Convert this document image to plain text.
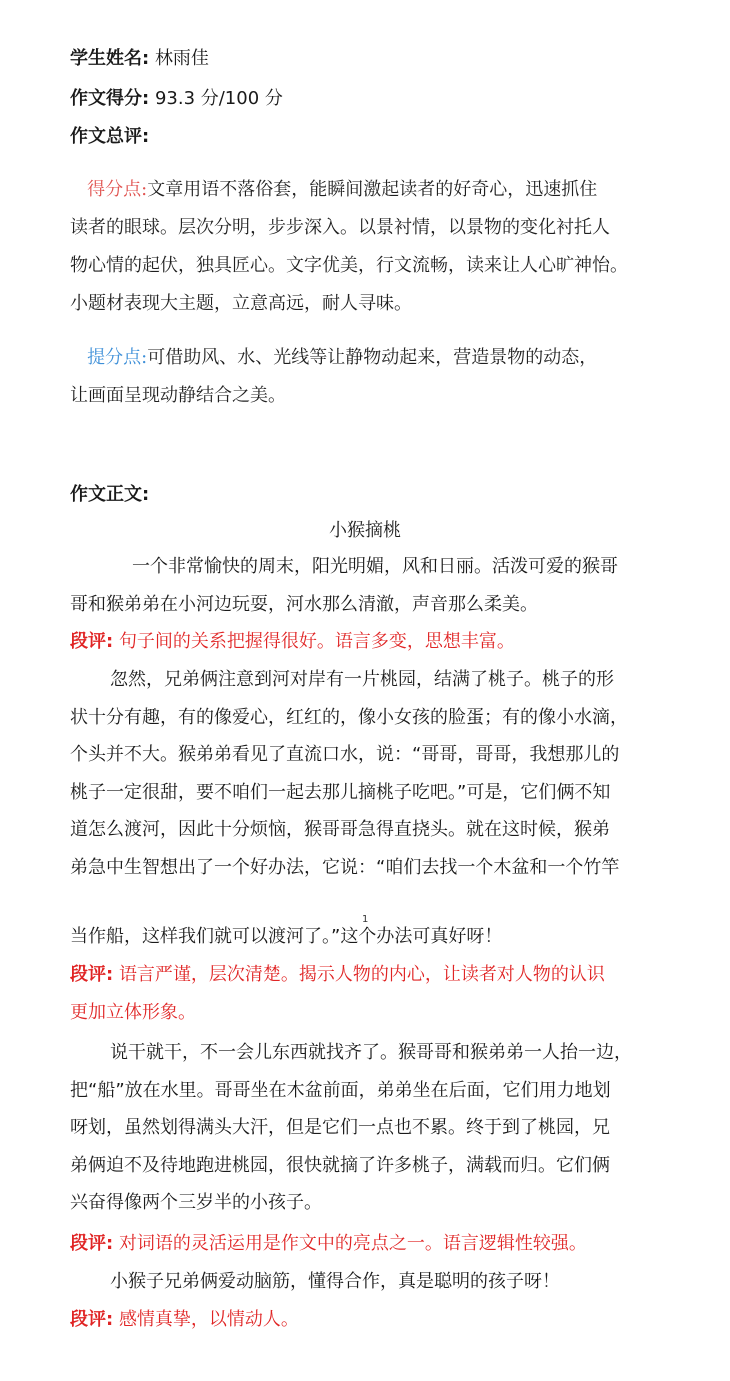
学生姓名: 林雨佳
作文得分: 93.3 分/100 分
作文总评:
得分点:文章用语不落俗套，能瞬间激起读者的好奇心，迅速抓住
读者的眼球。层次分明，步步深入。以景衬情，以景物的变化衬托人
物心情的起伏，独具匠心。文字优美，行文流畅，读来让人心旷神怡。
小题材表现大主题，立意高远，耐人寻味。
提分点:可借助风、水、光线等让静物动起来，营造景物的动态，
让画面呈现动静结合之美。
作文正文:
小猴摘桃
一个非常愉快的周末，阳光明媚，风和日丽。活泼可爱的猴哥
哥和猴弟弟在小河边玩耍，河水那么清澈，声音那么柔美。
段评: 句子间的关系把握得很好。语言多变，思想丰富。
忽然，兄弟俩注意到河对岸有一片桃园，结满了桃子。桃子的形
状十分有趣，有的像爱心，红红的，像小女孩的脸蛋；有的像小水滴，
个头并不大。猴弟弟看见了直流口水，说：“哥哥，哥哥，我想那儿的
桃子一定很甜，要不咱们一起去那儿摘桃子吃吧。”可是，它们俩不知
道怎么渡河，因此十分烦恼，猴哥哥急得直挠头。就在这时候，猴弟
弟急中生智想出了一个好办法，它说：“咱们去找一个木盆和一个竹竿
1
当作船，这样我们就可以渡河了。”这个办法可真好呀！
段评: 语言严谨，层次清楚。揭示人物的内心，让读者对人物的认识
更加立体形象。
说干就干，不一会儿东西就找齐了。猴哥哥和猴弟弟一人抬一边，
把“船”放在水里。哥哥坐在木盆前面，弟弟坐在后面，它们用力地划
呀划，虽然划得满头大汗，但是它们一点也不累。终于到了桃园，兄
弟俩迫不及待地跑进桃园，很快就摘了许多桃子，满载而归。它们俩
兴奋得像两个三岁半的小孩子。
段评: 对词语的灵活运用是作文中的亮点之一。语言逻辑性较强。
小猴子兄弟俩爱动脑筋，懂得合作，真是聪明的孩子呀！
段评: 感情真挚，以情动人。
